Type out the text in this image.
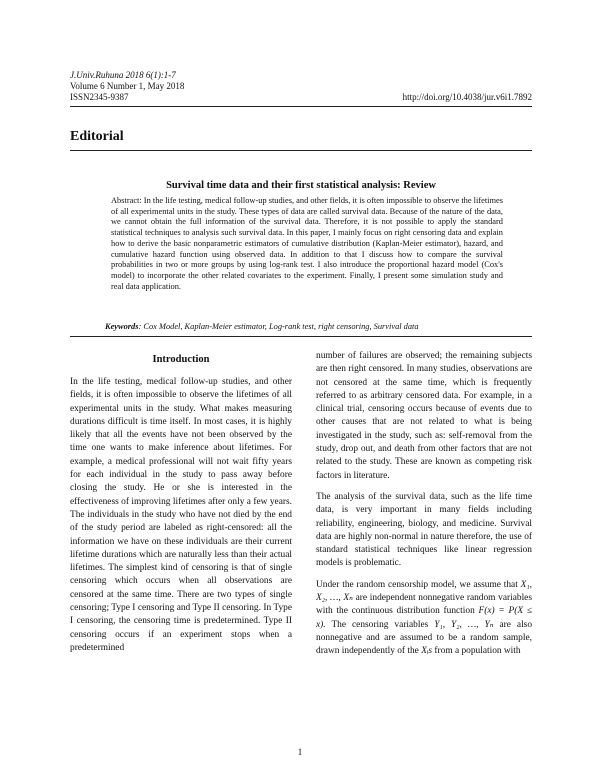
J.Univ.Ruhuna 2018 6(1):1-7
Volume 6 Number 1, May 2018
ISSN2345-9387	http://doi.org/10.4038/jur.v6i1.7892
Editorial
Survival time data and their first statistical analysis: Review

Abstract: In the life testing, medical follow-up studies, and other fields, it is often impossible to observe the lifetimes of all experimental units in the study. These types of data are called survival data. Because of the nature of the data, we cannot obtain the full information of the survival data. Therefore, it is not possible to apply the standard statistical techniques to analysis such survival data. In this paper, I mainly focus on right censoring data and explain how to derive the basic nonparametric estimators of cumulative distribution (Kaplan-Meier estimator), hazard, and cumulative hazard function using observed data. In addition to that I discuss how to compare the survival probabilities in two or more groups by using log-rank test. I also introduce the proportional hazard model (Cox's model) to incorporate the other related covariates to the experiment. Finally, I present some simulation study and real data application.

Keywords: Cox Model, Kaplan-Meier estimator, Log-rank test, right censoring, Survival data
Introduction

In the life testing, medical follow-up studies, and other fields, it is often impossible to observe the lifetimes of all experimental units in the study. What makes measuring durations difficult is time itself. In most cases, it is highly likely that all the events have not been observed by the time one wants to make inference about lifetimes. For example, a medical professional will not wait fifty years for each individual in the study to pass away before closing the study. He or she is interested in the effectiveness of improving lifetimes after only a few years. The individuals in the study who have not died by the end of the study period are labeled as right-censored: all the information we have on these individuals are their current lifetime durations which are naturally less than their actual lifetimes. The simplest kind of censoring is that of single censoring which occurs when all observations are censored at the same time. There are two types of single censoring; Type I censoring and Type II censoring. In Type I censoring, the censoring time is predetermined. Type II censoring occurs if an experiment stops when a predetermined

number of failures are observed; the remaining subjects are then right censored. In many studies, observations are not censored at the same time, which is frequently referred to as arbitrary censored data. For example, in a clinical trial, censoring occurs because of events due to other causes that are not related to what is being investigated in the study, such as: self-removal from the study, drop out, and death from other factors that are not related to the study. These are known as competing risk factors in literature.

The analysis of the survival data, such as the life time data, is very important in many fields including reliability, engineering, biology, and medicine. Survival data are highly non-normal in nature therefore, the use of standard statistical techniques like linear regression models is problematic.

Under the random censorship model, we assume that X₁, X₂, …, Xₙ are independent nonnegative random variables with the continuous distribution function F(x) = P(X ≤ x). The censoring variables Y₁, Y₂, …, Yₙ are also nonnegative and are assumed to be a random sample, drawn independently of the Xᵢs from a population with

1
